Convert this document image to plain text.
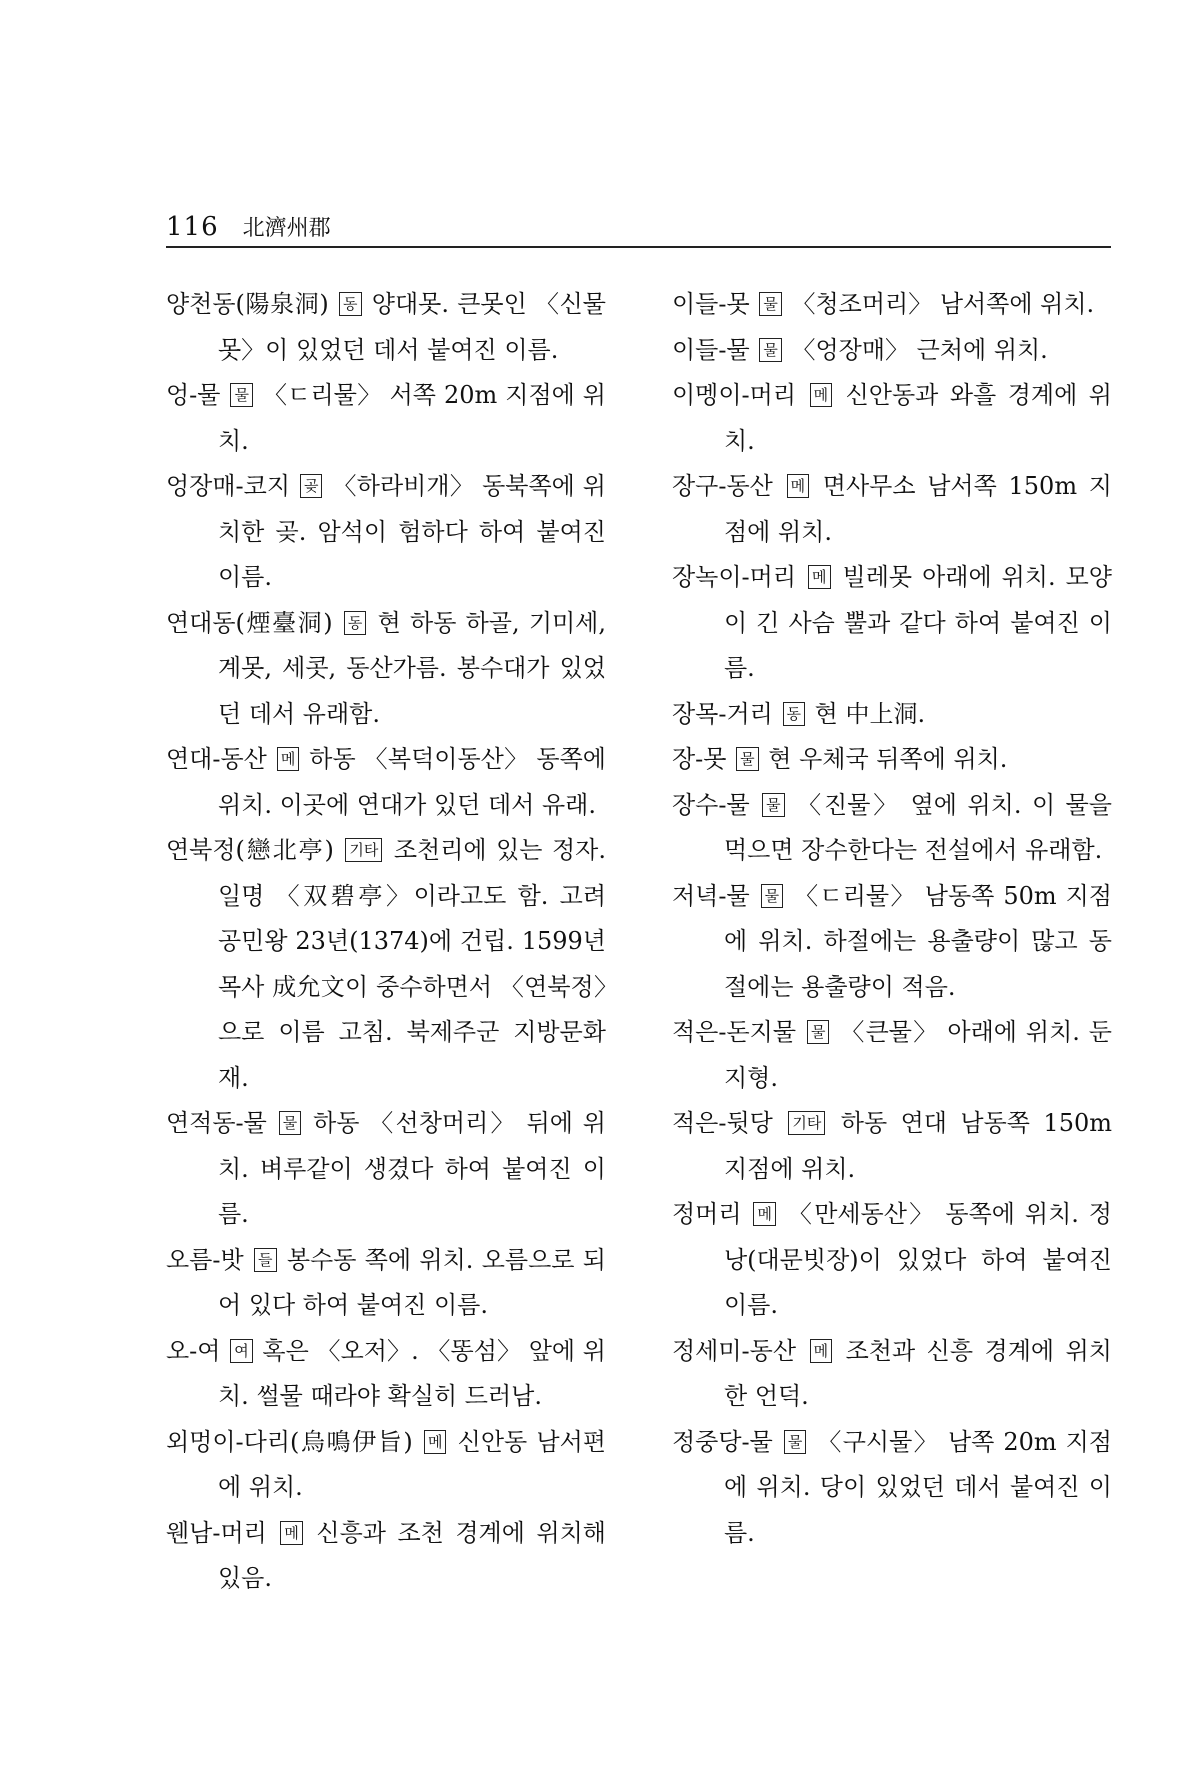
116 北濟州郡
양천동(陽泉洞) 동 양대못. 큰못인 〈신물못〉이 있었던 데서 붙여진 이름.
엉-물 물 〈ㄷ리물〉 서쪽 20m 지점에 위치.
엉장매-코지 곶 〈하라비개〉 동북쪽에 위치한 곶. 암석이 험하다 하여 붙여진 이름.
연대동(煙臺洞) 동 현 하동 하골, 기미세, 계못, 세콧, 동산가름. 봉수대가 있었던 데서 유래함.
연대-동산 메 하동 〈복덕이동산〉 동쪽에 위치. 이곳에 연대가 있던 데서 유래.
연북정(戀北亭) 기타 조천리에 있는 정자. 일명 〈双碧亭〉이라고도 함. 고려 공민왕 23년(1374)에 건립. 1599년 목사 成允文이 중수하면서 〈연북정〉으로 이름 고침. 북제주군 지방문화재.
연적동-물 물 하동 〈선창머리〉 뒤에 위치. 벼루같이 생겼다 하여 붙여진 이름.
오름-밧 들 봉수동 쪽에 위치. 오름으로 되어 있다 하여 붙여진 이름.
오-여 여 혹은 〈오저〉. 〈똥섬〉 앞에 위치. 썰물 때라야 확실히 드러남.
외멍이-다리(烏鳴伊旨) 메 신안동 남서편에 위치.
웬남-머리 메 신흥과 조천 경계에 위치해 있음.
이들-못 물 〈청조머리〉 남서쪽에 위치.
이들-물 물 〈엉장매〉 근처에 위치.
이멩이-머리 메 신안동과 와흘 경계에 위치.
장구-동산 메 면사무소 남서쪽 150m 지점에 위치.
장녹이-머리 메 빌레못 아래에 위치. 모양이 긴 사슴 뿔과 같다 하여 붙여진 이름.
장목-거리 동 현 中上洞.
장-못 물 현 우체국 뒤쪽에 위치.
장수-물 물 〈진물〉 옆에 위치. 이 물을 먹으면 장수한다는 전설에서 유래함.
저녁-물 물 〈ㄷ리물〉 남동쪽 50m 지점에 위치. 하절에는 용출량이 많고 동절에는 용출량이 적음.
적은-돈지물 물 〈큰물〉 아래에 위치. 둔지형.
적은-뒷당 기타 하동 연대 남동쪽 150m 지점에 위치.
정머리 메 〈만세동산〉 동쪽에 위치. 정낭(대문빗장)이 있었다 하여 붙여진 이름.
정세미-동산 메 조천과 신흥 경계에 위치한 언덕.
정중당-물 물 〈구시물〉 남쪽 20m 지점에 위치. 당이 있었던 데서 붙여진 이름.
